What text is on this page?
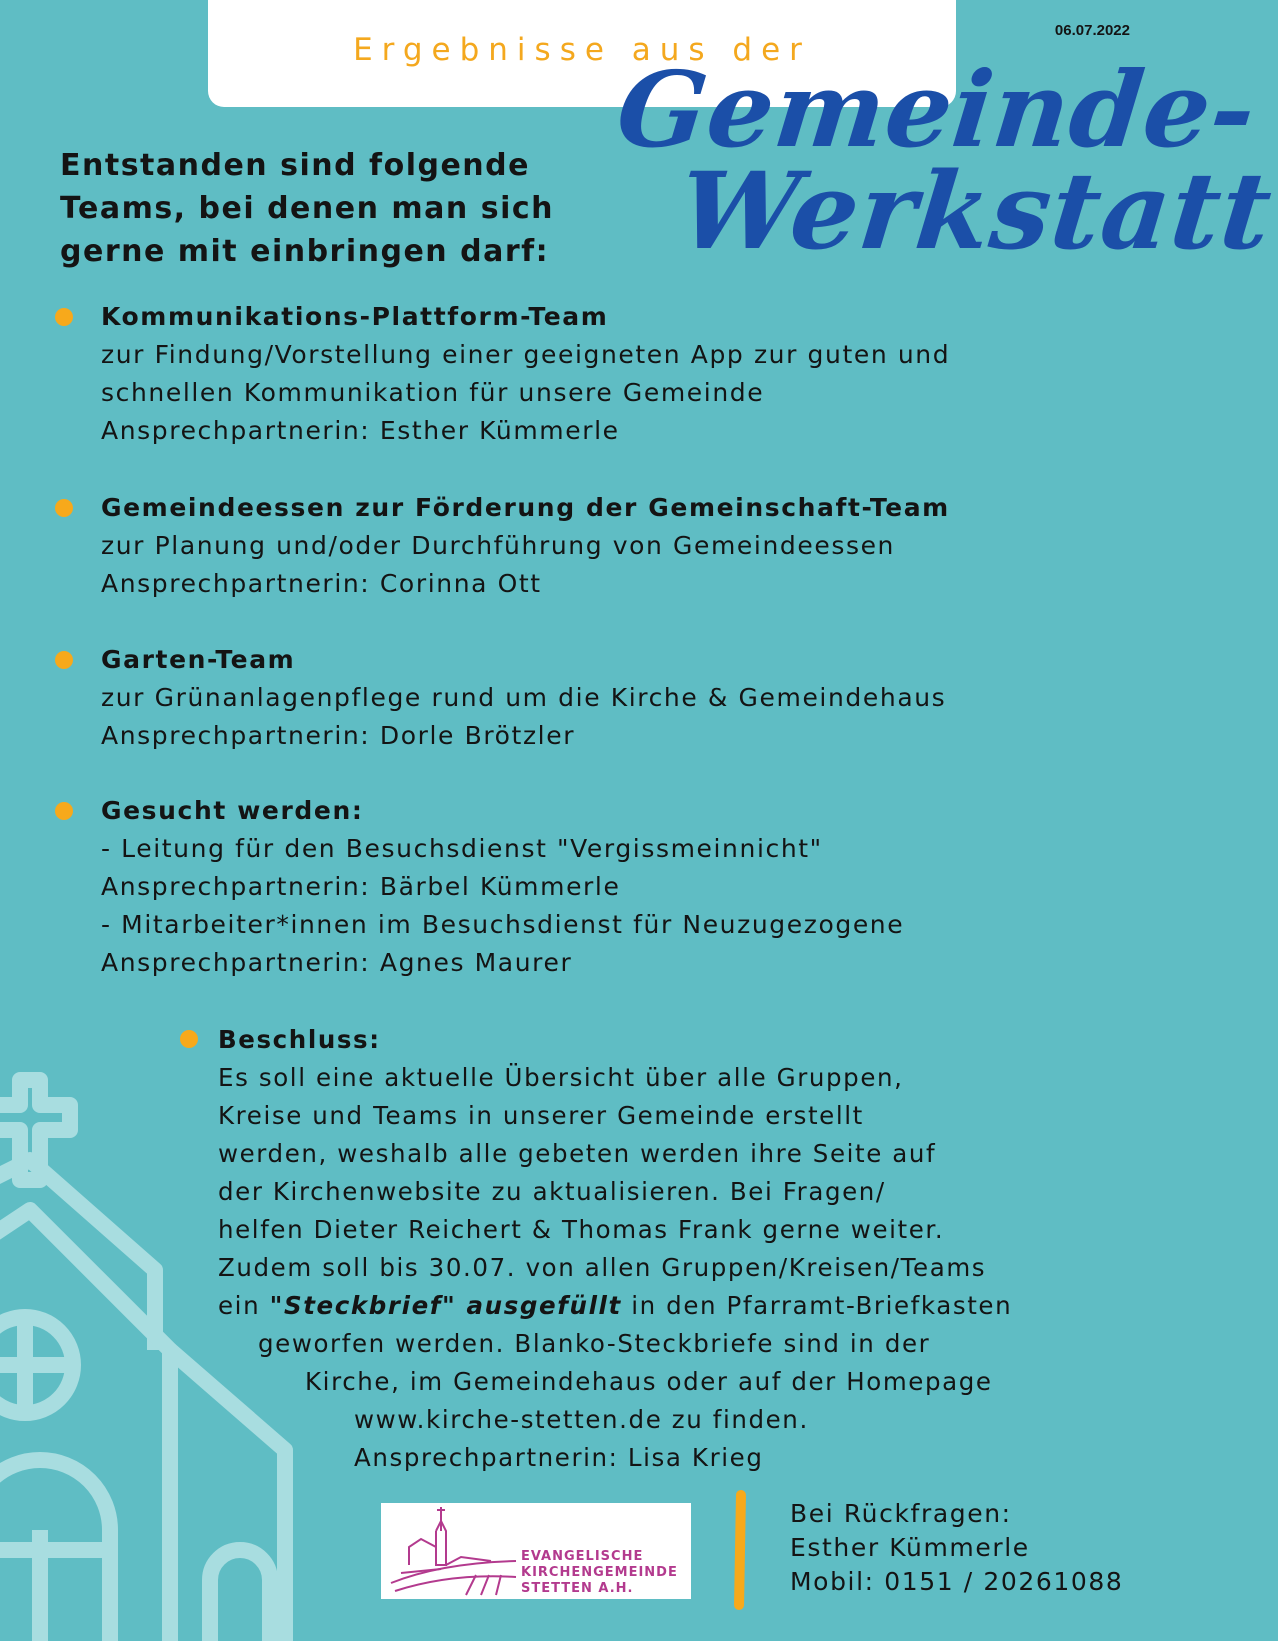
Ergebnisse aus der
06.07.2022
Gemeinde-
Werkstatt
Entstanden sind folgende Teams, bei denen man sich gerne mit einbringen darf:
Kommunikations-Plattform-Team
zur Findung/Vorstellung einer geeigneten App zur guten und
schnellen Kommunikation für unsere Gemeinde
Ansprechpartnerin: Esther Kümmerle
Gemeindeessen zur Förderung der Gemeinschaft-Team
zur Planung und/oder Durchführung von Gemeindeessen
Ansprechpartnerin: Corinna Ott
Garten-Team
zur Grünanlagenpflege rund um die Kirche & Gemeindehaus
Ansprechpartnerin: Dorle Brötzler
Gesucht werden:
- Leitung für den Besuchsdienst "Vergissmeinnicht"
Ansprechpartnerin: Bärbel Kümmerle
- Mitarbeiter*innen im Besuchsdienst für Neuzugezogene
Ansprechpartnerin: Agnes Maurer
Beschluss:
Es soll eine aktuelle Übersicht über alle Gruppen,
Kreise und Teams in unserer Gemeinde erstellt
werden, weshalb alle gebeten werden ihre Seite auf
der Kirchenwebsite zu aktualisieren. Bei Fragen/
helfen Dieter Reichert & Thomas Frank gerne weiter.
Zudem soll bis 30.07. von allen Gruppen/Kreisen/Teams
ein "Steckbrief" ausgefüllt in den Pfarramt-Briefkasten
geworfen werden. Blanko-Steckbriefe sind in der
Kirche, im Gemeindehaus oder auf der Homepage
www.kirche-stetten.de zu finden.
Ansprechpartnerin: Lisa Krieg
EVANGELISCHE
KIRCHENGEMEINDE
STETTEN A.H.
Bei Rückfragen:
Esther Kümmerle
Mobil: 0151 / 20261088
